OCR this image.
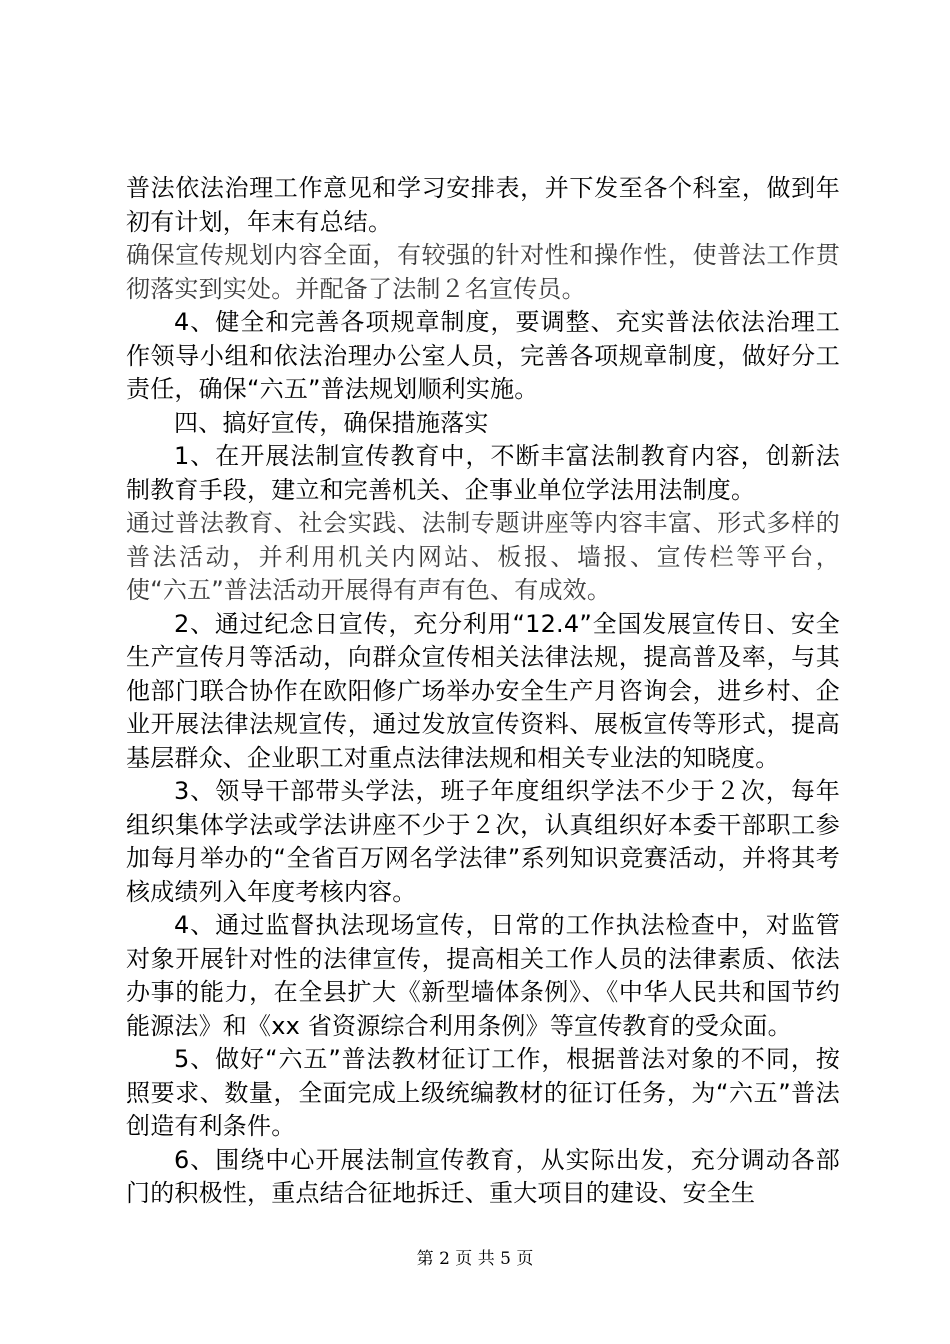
普法依法治理工作意见和学习安排表，并下发至各个科室，做到年初有计划，年末有总结。

确保宣传规划内容全面，有较强的针对性和操作性，使普法工作贯彻落实到实处。并配备了法制２名宣传员。

4、健全和完善各项规章制度，要调整、充实普法依法治理工作领导小组和依法治理办公室人员，完善各项规章制度，做好分工责任，确保“六五”普法规划顺利实施。

四、搞好宣传，确保措施落实

1、在开展法制宣传教育中，不断丰富法制教育内容，创新法制教育手段，建立和完善机关、企事业单位学法用法制度。

通过普法教育、社会实践、法制专题讲座等内容丰富、形式多样的普法活动，并利用机关内网站、板报、墙报、宣传栏等平台，使“六五”普法活动开展得有声有色、有成效。

2、通过纪念日宣传，充分利用“12.4”全国发展宣传日、安全生产宣传月等活动，向群众宣传相关法律法规，提高普及率，与其他部门联合协作在欧阳修广场举办安全生产月咨询会，进乡村、企业开展法律法规宣传，通过发放宣传资料、展板宣传等形式，提高基层群众、企业职工对重点法律法规和相关专业法的知晓度。

3、领导干部带头学法，班子年度组织学法不少于２次，每年组织集体学法或学法讲座不少于２次，认真组织好本委干部职工参加每月举办的“全省百万网名学法律”系列知识竞赛活动，并将其考核成绩列入年度考核内容。

4、通过监督执法现场宣传，日常的工作执法检查中，对监管对象开展针对性的法律宣传，提高相关工作人员的法律素质、依法办事的能力，在全县扩大《新型墙体条例》、《中华人民共和国节约能源法》和《xx 省资源综合利用条例》等宣传教育的受众面。

5、做好“六五”普法教材征订工作，根据普法对象的不同，按照要求、数量，全面完成上级统编教材的征订任务，为“六五”普法创造有利条件。

6、围绕中心开展法制宣传教育，从实际出发，充分调动各部门的积极性，重点结合征地拆迁、重大项目的建设、安全生

第 2 页 共 5 页
